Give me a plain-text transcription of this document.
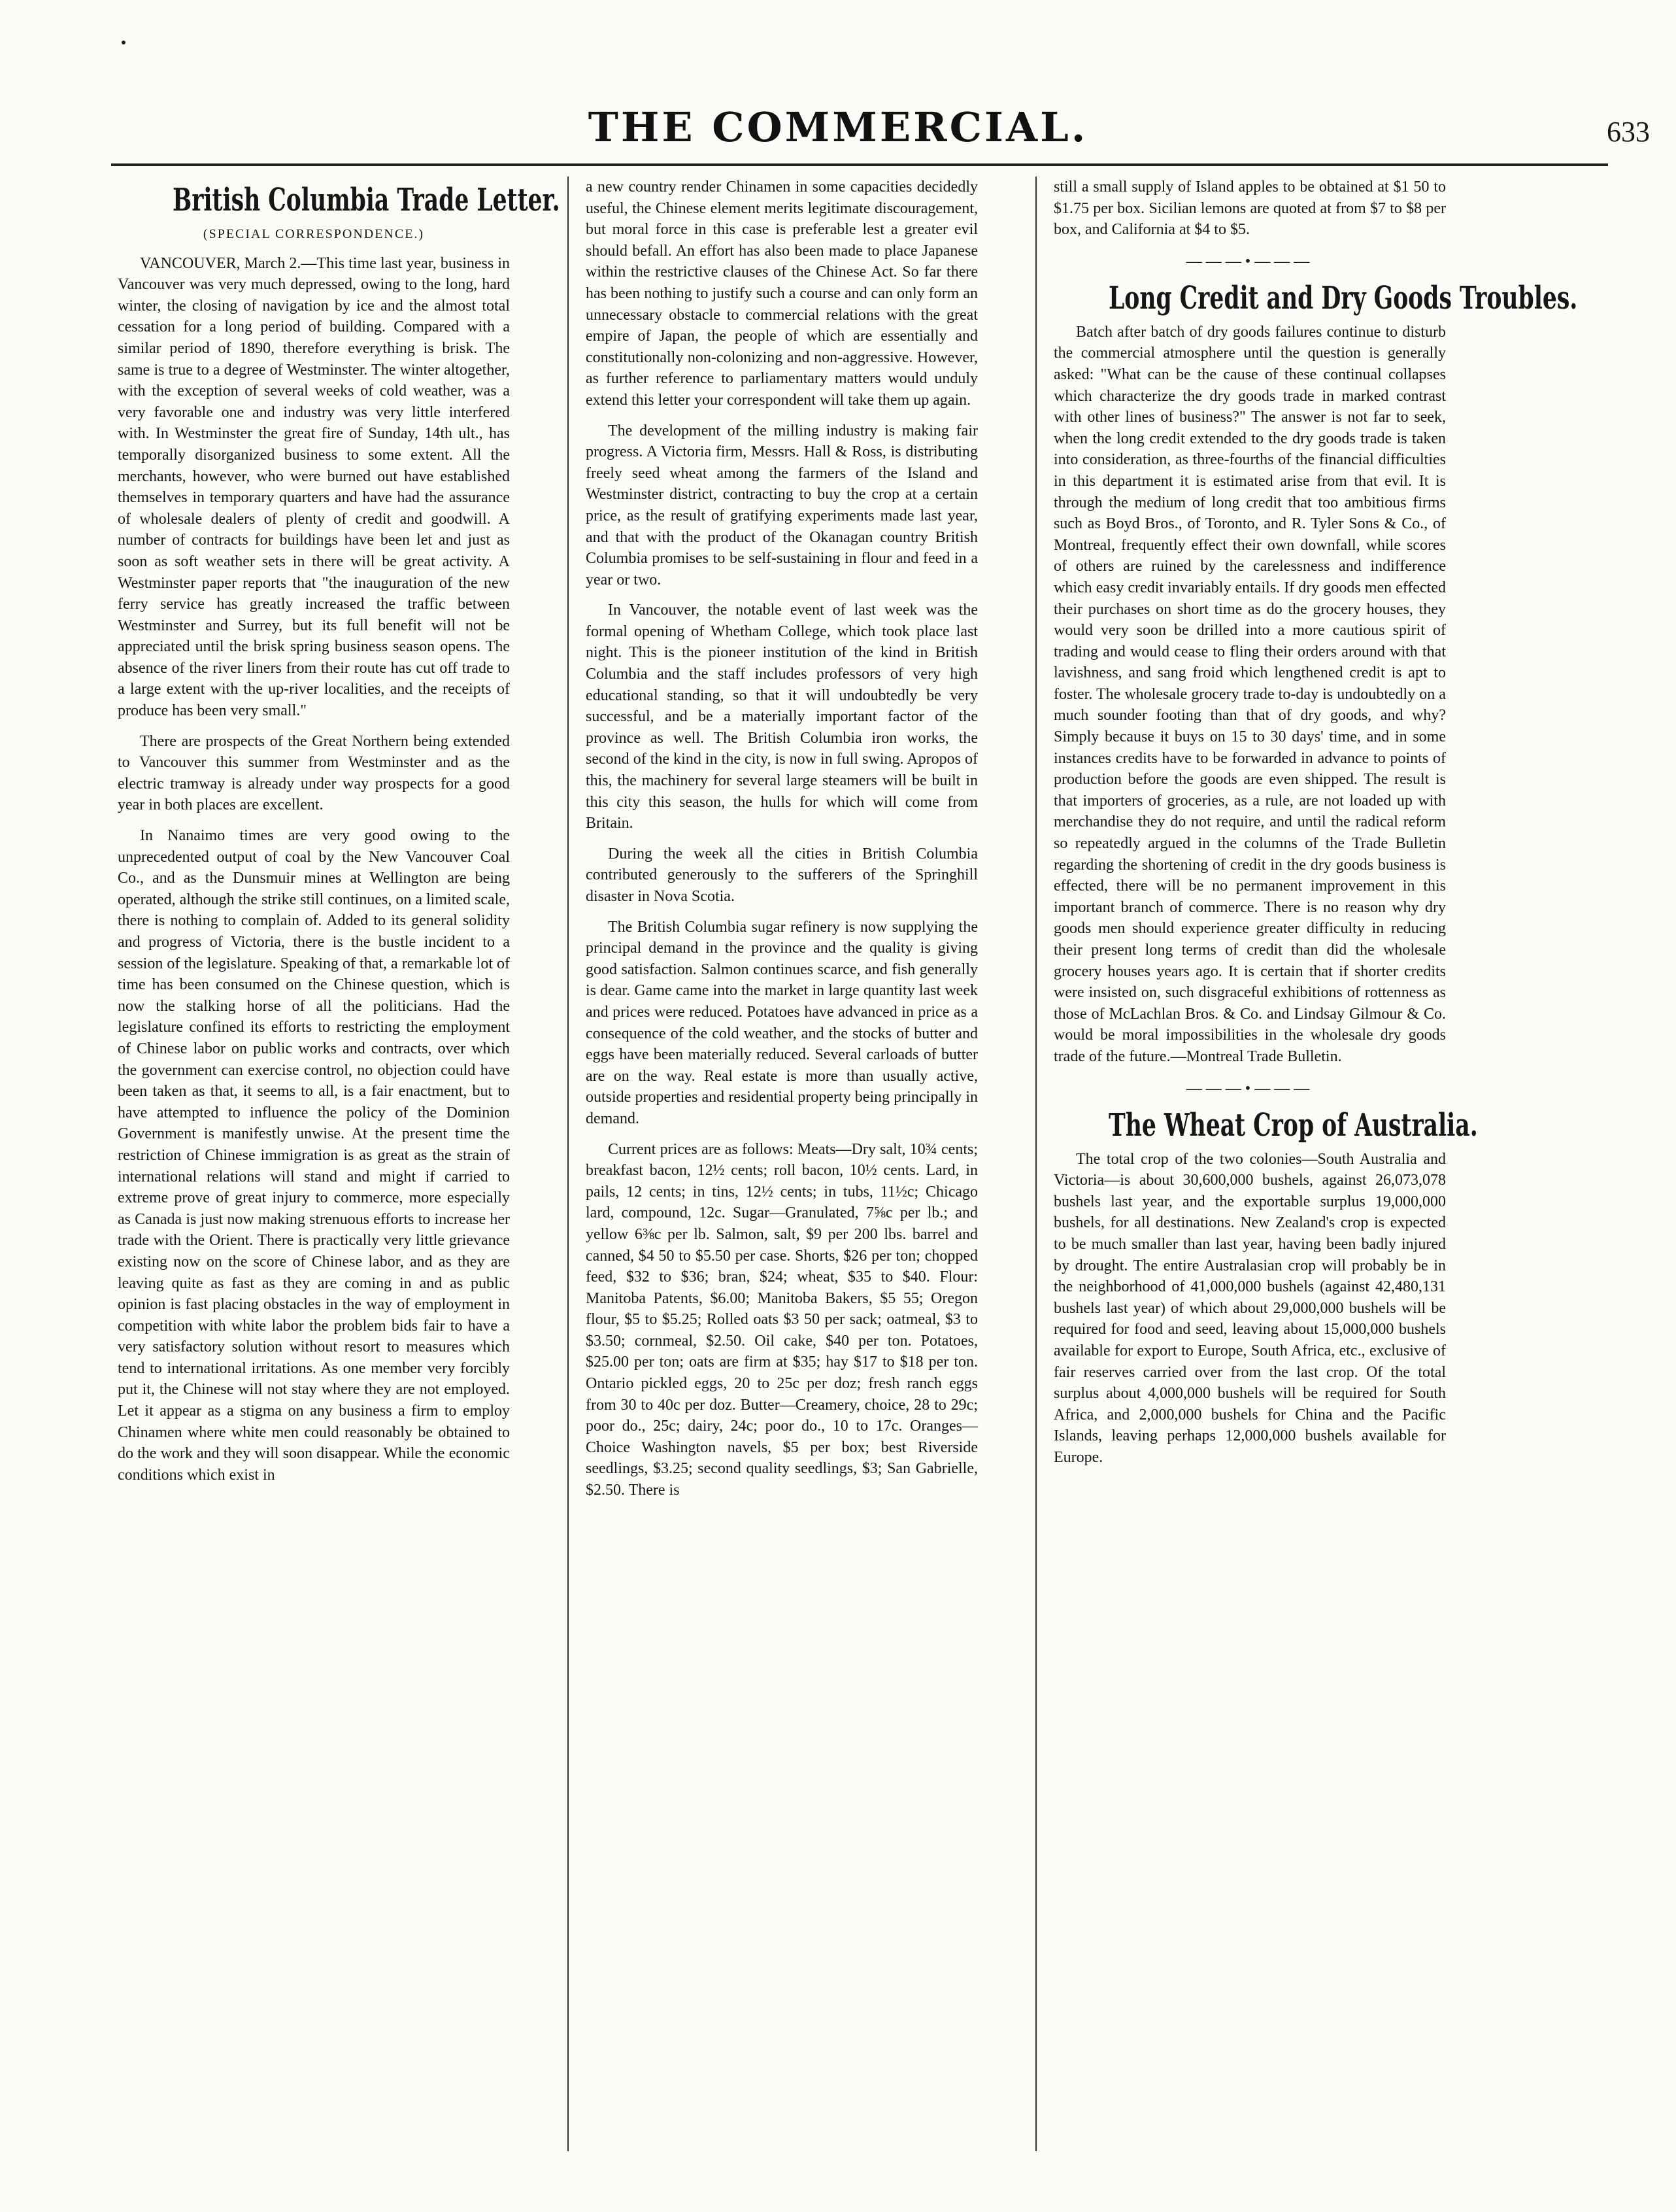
THE COMMERCIAL.	633
British Columbia Trade Letter.
(SPECIAL CORRESPONDENCE.)

VANCOUVER, March 2.—This time last year, business in Vancouver was very much depressed, owing to the long, hard winter, the closing of navigation by ice and the almost total cessation for a long period of building. Compared with a similar period of 1890, therefore everything is brisk. The same is true to a degree of Westminster. The winter altogether, with the exception of several weeks of cold weather, was a very favorable one and industry was very little interfered with. In Westminster the great fire of Sunday, 14th ult., has temporally disorganized business to some extent. All the merchants, however, who were burned out have established themselves in temporary quarters and have had the assurance of wholesale dealers of plenty of credit and goodwill. A number of contracts for buildings have been let and just as soon as soft weather sets in there will be great activity. A Westminster paper reports that "the inauguration of the new ferry service has greatly increased the traffic between Westminster and Surrey, but its full benefit will not be appreciated until the brisk spring business season opens. The absence of the river liners from their route has cut off trade to a large extent with the up-river localities, and the receipts of produce has been very small."

There are prospects of the Great Northern being extended to Vancouver this summer from Westminster and as the electric tramway is already under way prospects for a good year in both places are excellent.

In Nanaimo times are very good owing to the unprecedented output of coal by the New Vancouver Coal Co., and as the Dunsmuir mines at Wellington are being operated, although the strike still continues, on a limited scale, there is nothing to complain of. Added to its general solidity and progress of Victoria, there is the bustle incident to a session of the legislature. Speaking of that, a remarkable lot of time has been consumed on the Chinese question, which is now the stalking horse of all the politicians. Had the legislature confined its efforts to restricting the employment of Chinese labor on public works and contracts, over which the government can exercise control, no objection could have been taken as that, it seems to all, is a fair enactment, but to have attempted to influence the policy of the Dominion Government is manifestly unwise. At the present time the restriction of Chinese immigration is as great as the strain of international relations will stand and might if carried to extreme prove of great injury to commerce, more especially as Canada is just now making strenuous efforts to increase her trade with the Orient. There is practically very little grievance existing now on the score of Chinese labor, and as they are leaving quite as fast as they are coming in and as public opinion is fast placing obstacles in the way of employment in competition with white labor the problem bids fair to have a very satisfactory solution without resort to measures which tend to international irritations. As one member very forcibly put it, the Chinese will not stay where they are not employed. Let it appear as a stigma on any business a firm to employ Chinamen where white men could reasonably be obtained to do the work and they will soon disappear. While the economic conditions which exist in

a new country render Chinamen in some capacities decidedly useful, the Chinese element merits legitimate discouragement, but moral force in this case is preferable lest a greater evil should befall. An effort has also been made to place Japanese within the restrictive clauses of the Chinese Act. So far there has been nothing to justify such a course and can only form an unnecessary obstacle to commercial relations with the great empire of Japan, the people of which are essentially and constitutionally non-colonizing and non-aggressive. However, as further reference to parliamentary matters would unduly extend this letter your correspondent will take them up again.

The development of the milling industry is making fair progress. A Victoria firm, Messrs. Hall & Ross, is distributing freely seed wheat among the farmers of the Island and Westminster district, contracting to buy the crop at a certain price, as the result of gratifying experiments made last year, and that with the product of the Okanagan country British Columbia promises to be self-sustaining in flour and feed in a year or two.

In Vancouver, the notable event of last week was the formal opening of Whetham College, which took place last night. This is the pioneer institution of the kind in British Columbia and the staff includes professors of very high educational standing, so that it will undoubtedly be very successful, and be a materially important factor of the province as well. The British Columbia iron works, the second of the kind in the city, is now in full swing. Apropos of this, the machinery for several large steamers will be built in this city this season, the hulls for which will come from Britain.

During the week all the cities in British Columbia contributed generously to the sufferers of the Springhill disaster in Nova Scotia.

The British Columbia sugar refinery is now supplying the principal demand in the province and the quality is giving good satisfaction. Salmon continues scarce, and fish generally is dear. Game came into the market in large quantity last week and prices were reduced. Potatoes have advanced in price as a consequence of the cold weather, and the stocks of butter and eggs have been materially reduced. Several carloads of butter are on the way. Real estate is more than usually active, outside properties and residential property being principally in demand.

Current prices are as follows: Meats—Dry salt, 10¾ cents; breakfast bacon, 12½ cents; roll bacon, 10½ cents. Lard, in pails, 12 cents; in tins, 12½ cents; in tubs, 11½c; Chicago lard, compound, 12c. Sugar—Granulated, 7⅝c per lb.; and yellow 6⅜c per lb. Salmon, salt, $9 per 200 lbs. barrel and canned, $4 50 to $5.50 per case. Shorts, $26 per ton; chopped feed, $32 to $36; bran, $24; wheat, $35 to $40. Flour: Manitoba Patents, $6.00; Manitoba Bakers, $5 55; Oregon flour, $5 to $5.25; Rolled oats $3 50 per sack; oatmeal, $3 to $3.50; cornmeal, $2.50. Oil cake, $40 per ton. Potatoes, $25.00 per ton; oats are firm at $35; hay $17 to $18 per ton. Ontario pickled eggs, 20 to 25c per doz; fresh ranch eggs from 30 to 40c per doz. Butter—Creamery, choice, 28 to 29c; poor do., 25c; dairy, 24c; poor do., 10 to 17c. Oranges—Choice Washington navels, $5 per box; best Riverside seedlings, $3.25; second quality seedlings, $3; San Gabrielle, $2.50. There is

still a small supply of Island apples to be obtained at $1 50 to $1.75 per box. Sicilian lemons are quoted at from $7 to $8 per box, and California at $4 to $5.

———•———
Long Credit and Dry Goods Troubles.

Batch after batch of dry goods failures continue to disturb the commercial atmosphere until the question is generally asked: "What can be the cause of these continual collapses which characterize the dry goods trade in marked contrast with other lines of business?" The answer is not far to seek, when the long credit extended to the dry goods trade is taken into consideration, as three-fourths of the financial difficulties in this department it is estimated arise from that evil. It is through the medium of long credit that too ambitious firms such as Boyd Bros., of Toronto, and R. Tyler Sons & Co., of Montreal, frequently effect their own downfall, while scores of others are ruined by the carelessness and indifference which easy credit invariably entails. If dry goods men effected their purchases on short time as do the grocery houses, they would very soon be drilled into a more cautious spirit of trading and would cease to fling their orders around with that lavishness, and sang froid which lengthened credit is apt to foster. The wholesale grocery trade to-day is undoubtedly on a much sounder footing than that of dry goods, and why? Simply because it buys on 15 to 30 days' time, and in some instances credits have to be forwarded in advance to points of production before the goods are even shipped. The result is that importers of groceries, as a rule, are not loaded up with merchandise they do not require, and until the radical reform so repeatedly argued in the columns of the Trade Bulletin regarding the shortening of credit in the dry goods business is effected, there will be no permanent improvement in this important branch of commerce. There is no reason why dry goods men should experience greater difficulty in reducing their present long terms of credit than did the wholesale grocery houses years ago. It is certain that if shorter credits were insisted on, such disgraceful exhibitions of rottenness as those of McLachlan Bros. & Co. and Lindsay Gilmour & Co. would be moral impossibilities in the wholesale dry goods trade of the future.—Montreal Trade Bulletin.

———•———
The Wheat Crop of Australia.

The total crop of the two colonies—South Australia and Victoria—is about 30,600,000 bushels, against 26,073,078 bushels last year, and the exportable surplus 19,000,000 bushels, for all destinations. New Zealand's crop is expected to be much smaller than last year, having been badly injured by drought. The entire Australasian crop will probably be in the neighborhood of 41,000,000 bushels (against 42,480,131 bushels last year) of which about 29,000,000 bushels will be required for food and seed, leaving about 15,000,000 bushels available for export to Europe, South Africa, etc., exclusive of fair reserves carried over from the last crop. Of the total surplus about 4,000,000 bushels will be required for South Africa, and 2,000,000 bushels for China and the Pacific Islands, leaving perhaps 12,000,000 bushels available for Europe.
